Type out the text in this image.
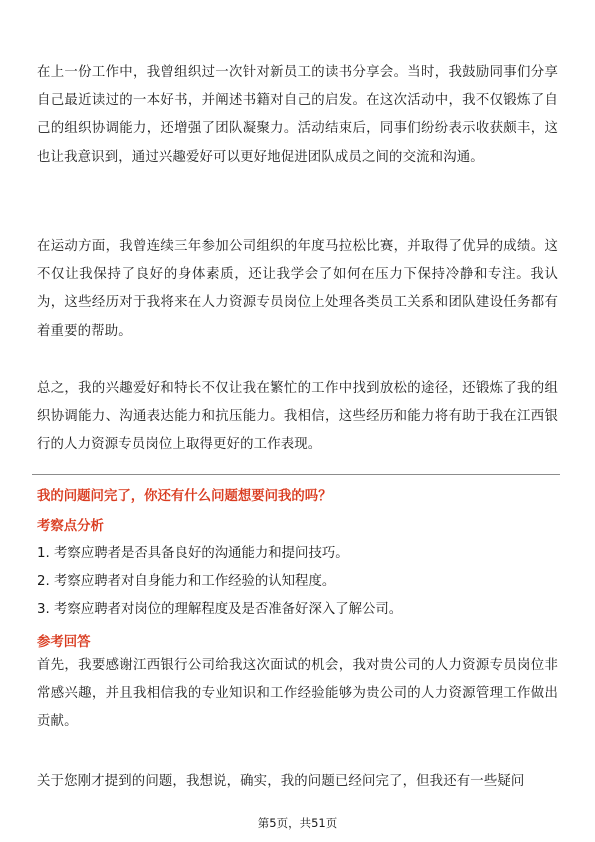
在上一份工作中，我曾组织过一次针对新员工的读书分享会。当时，我鼓励同事们分享自己最近读过的一本好书，并阐述书籍对自己的启发。在这次活动中，我不仅锻炼了自己的组织协调能力，还增强了团队凝聚力。活动结束后，同事们纷纷表示收获颇丰，这也让我意识到，通过兴趣爱好可以更好地促进团队成员之间的交流和沟通。

在运动方面，我曾连续三年参加公司组织的年度马拉松比赛，并取得了优异的成绩。这不仅让我保持了良好的身体素质，还让我学会了如何在压力下保持冷静和专注。我认为，这些经历对于我将来在人力资源专员岗位上处理各类员工关系和团队建设任务都有着重要的帮助。

总之，我的兴趣爱好和特长不仅让我在繁忙的工作中找到放松的途径，还锻炼了我的组织协调能力、沟通表达能力和抗压能力。我相信，这些经历和能力将有助于我在江西银行的人力资源专员岗位上取得更好的工作表现。

我的问题问完了，你还有什么问题想要问我的吗？

考察点分析

1. 考察应聘者是否具备良好的沟通能力和提问技巧。

2. 考察应聘者对自身能力和工作经验的认知程度。

3. 考察应聘者对岗位的理解程度及是否准备好深入了解公司。

参考回答

首先，我要感谢江西银行公司给我这次面试的机会，我对贵公司的人力资源专员岗位非常感兴趣，并且我相信我的专业知识和工作经验能够为贵公司的人力资源管理工作做出贡献。

关于您刚才提到的问题，我想说，确实，我的问题已经问完了，但我还有一些疑问

第5页，共51页
